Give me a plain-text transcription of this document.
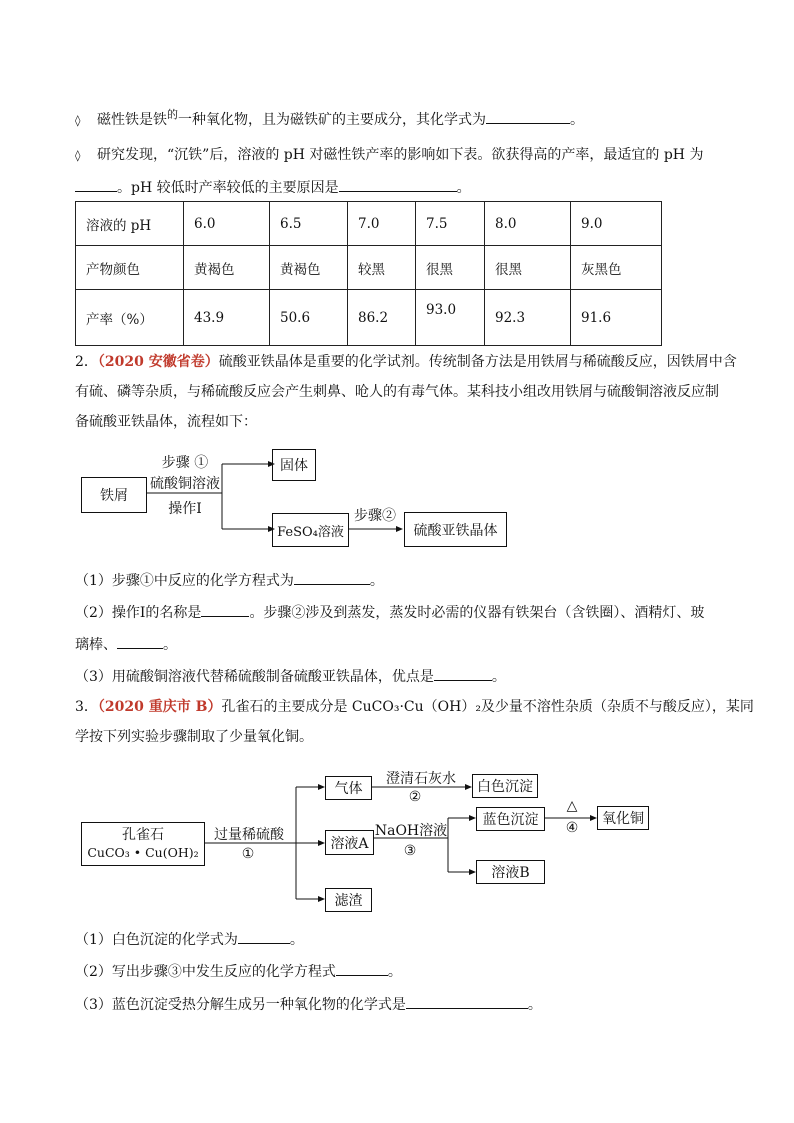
◊ 磁性铁是铁$^的$一种氧化物，且为磁铁矿的主要成分，其化学式为	。
◊ 研究发现，“沉铁”后，溶液的 pH 对磁性铁产率的影响如下表。欲获得高的产率，最适宜的 pH 为
。pH 较低时产率较低的主要原因是	。
溶液的 pH	6.0	6.5	7.0	7.5	8.0	9.0
产物颜色	黄褐色	黄褐色	较黑	很黑	很黑	灰黑色
产率（%）	43.9	50.6	86.2	93.0	92.3	91.6
2．（2020 安徽省卷）硫酸亚铁晶体是重要的化学试剂。传统制备方法是用铁屑与稀硫酸反应，因铁屑中含
有硫、磷等杂质，与稀硫酸反应会产生刺鼻、呛人的有毒气体。某科技小组改用铁屑与硫酸铜溶液反应制
备硫酸亚铁晶体，流程如下：
铁屑
步骤 ①
硫酸铜溶液
操作Ⅰ
固体
FeSO₄溶液
步骤②
硫酸亚铁晶体
（1）步骤①中反应的化学方程式为	。
（2）操作Ⅰ的名称是	。步骤②涉及到蒸发，蒸发时必需的仪器有铁架台（含铁圈）、酒精灯、玻
璃棒、	。
（3）用硫酸铜溶液代替稀硫酸制备硫酸亚铁晶体，优点是	。
3．（2020 重庆市 B）孔雀石的主要成分是 CuCO₃·Cu（OH）₂及少量不溶性杂质（杂质不与酸反应），某同
学按下列实验步骤制取了少量氧化铜。
孔雀石
CuCO₃ • Cu(OH)₂
过量稀硫酸
①
气体
澄清石灰水
②
白色沉淀
溶液A
NaOH溶液
③
蓝色沉淀
△
④
氧化铜
溶液B
滤渣
（1）白色沉淀的化学式为	。
（2）写出步骤③中发生反应的化学方程式	。
（3）蓝色沉淀受热分解生成另一种氧化物的化学式是	。
